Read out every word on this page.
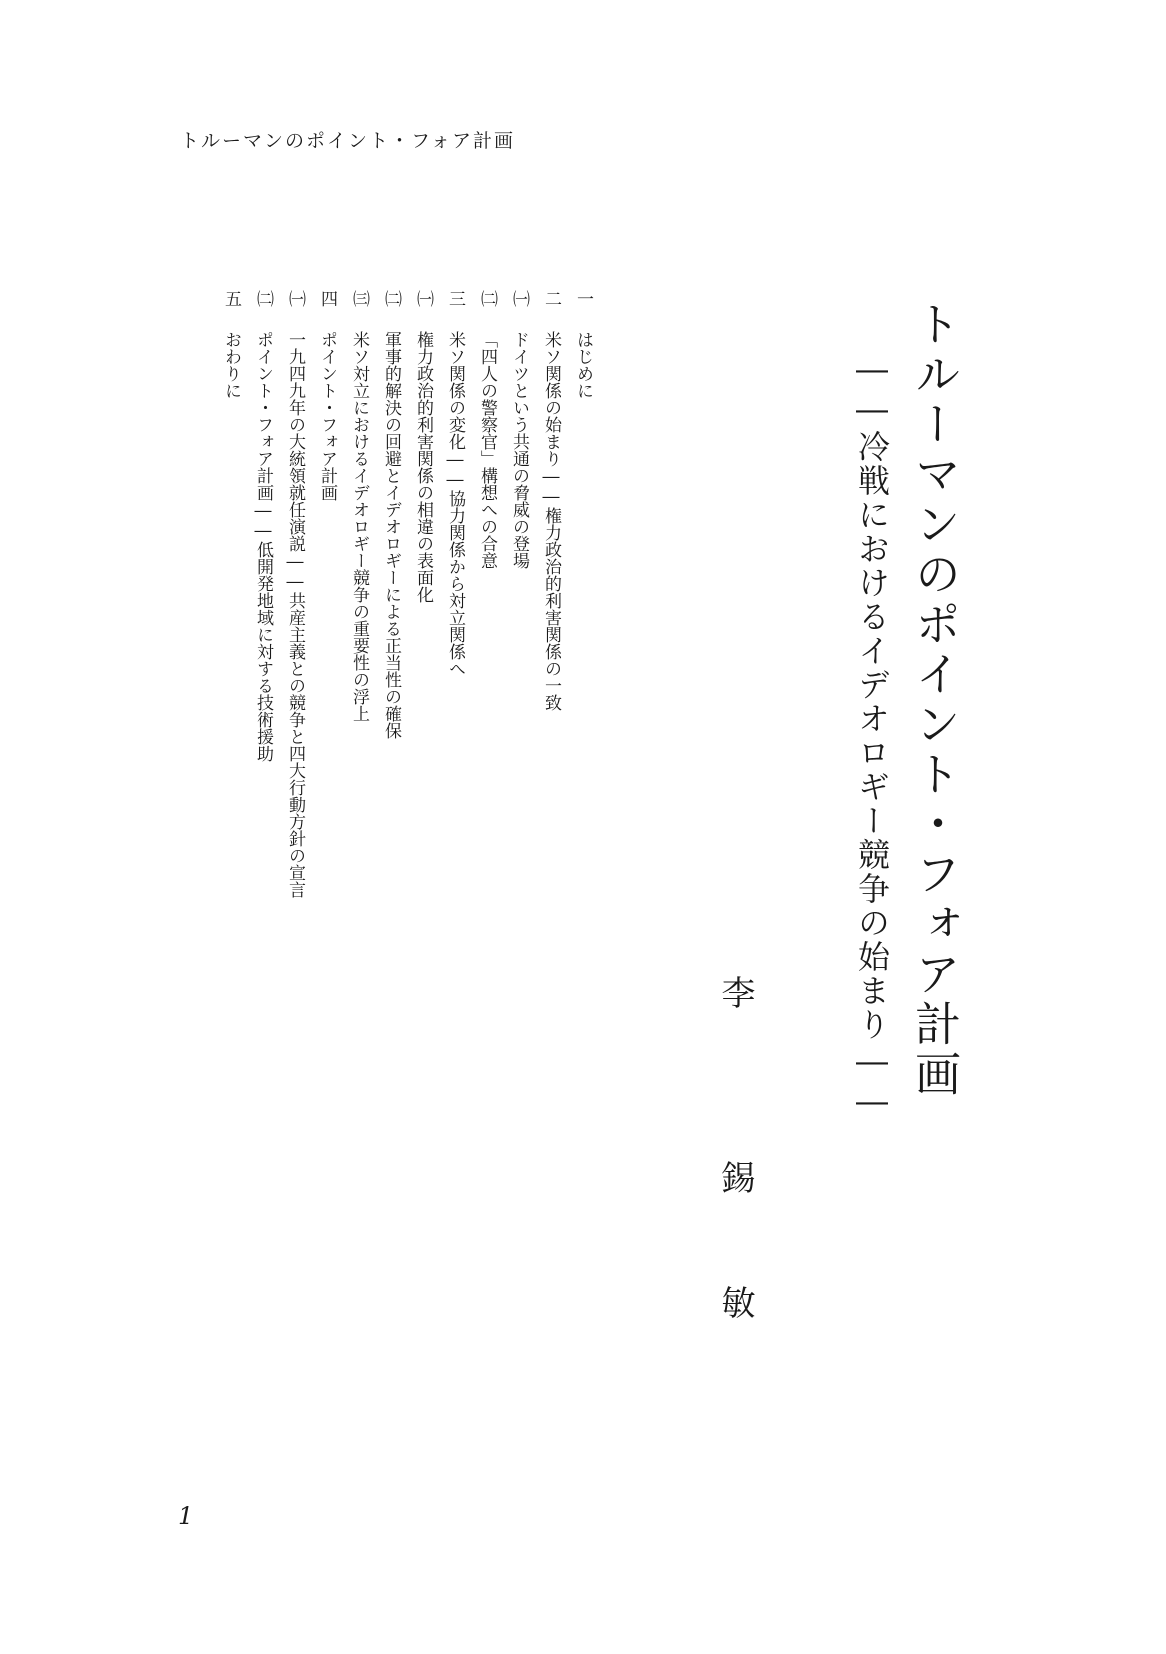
トルーマンのポイント・フォア計画
トルーマンのポイント・フォア計画
――冷戦におけるイデオロギー競争の始まり――
李
錫
敏
一はじめに
二米ソ関係の始まり――権力政治的利害関係の一致
㈠ドイツという共通の脅威の登場
㈡「四人の警察官」構想への合意
三米ソ関係の変化――協力関係から対立関係へ
㈠権力政治的利害関係の相違の表面化
㈡軍事的解決の回避とイデオロギーによる正当性の確保
㈢米ソ対立におけるイデオロギー競争の重要性の浮上
四ポイント・フォア計画
㈠一九四九年の大統領就任演説――共産主義との競争と四大行動方針の宣言
㈡ポイント・フォア計画――低開発地域に対する技術援助
五おわりに
1
